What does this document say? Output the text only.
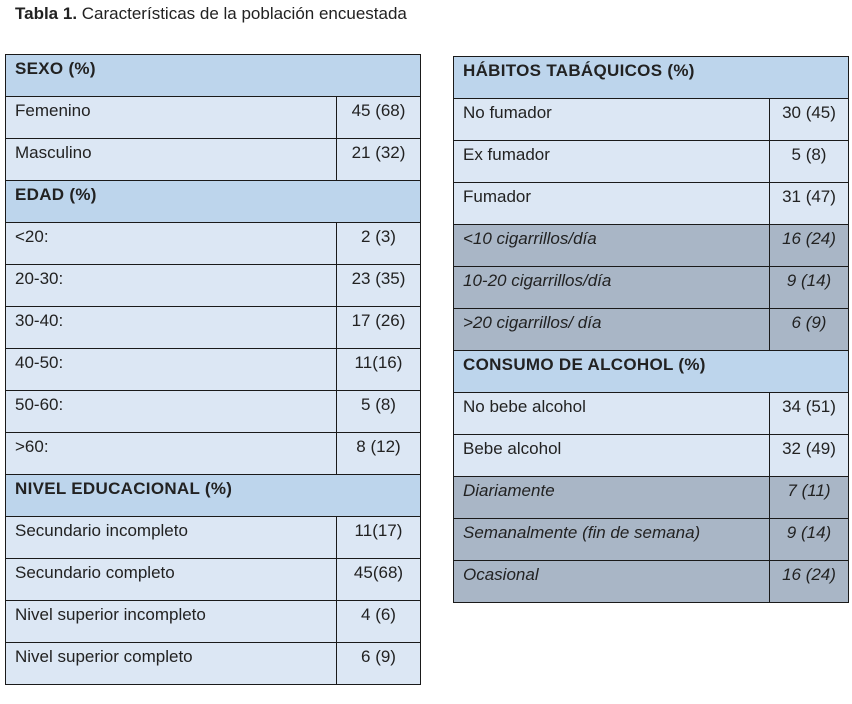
Tabla 1. Características de la población encuestada
SEXO (%)	
Femenino	45 (68)
Masculino	21 (32)
EDAD (%)	
<20:	2 (3)
20-30:	23 (35)
30-40:	17 (26)
40-50:	11(16)
50-60:	5 (8)
>60:	8 (12)
NIVEL EDUCACIONAL (%)	
Secundario incompleto	11(17)
Secundario completo	45(68)
Nivel superior incompleto	4 (6)
Nivel superior completo	6 (9)
HÁBITOS TABÁQUICOS (%)	
No fumador	30 (45)
Ex fumador	5 (8)
Fumador	31 (47)
<10 cigarrillos/día	16 (24)
10-20 cigarrillos/día	9 (14)
>20 cigarrillos/ día	6 (9)
CONSUMO DE ALCOHOL (%)	
No bebe alcohol	34 (51)
Bebe alcohol	32 (49)
Diariamente	7 (11)
Semanalmente (fin de semana)	9 (14)
Ocasional	16 (24)
